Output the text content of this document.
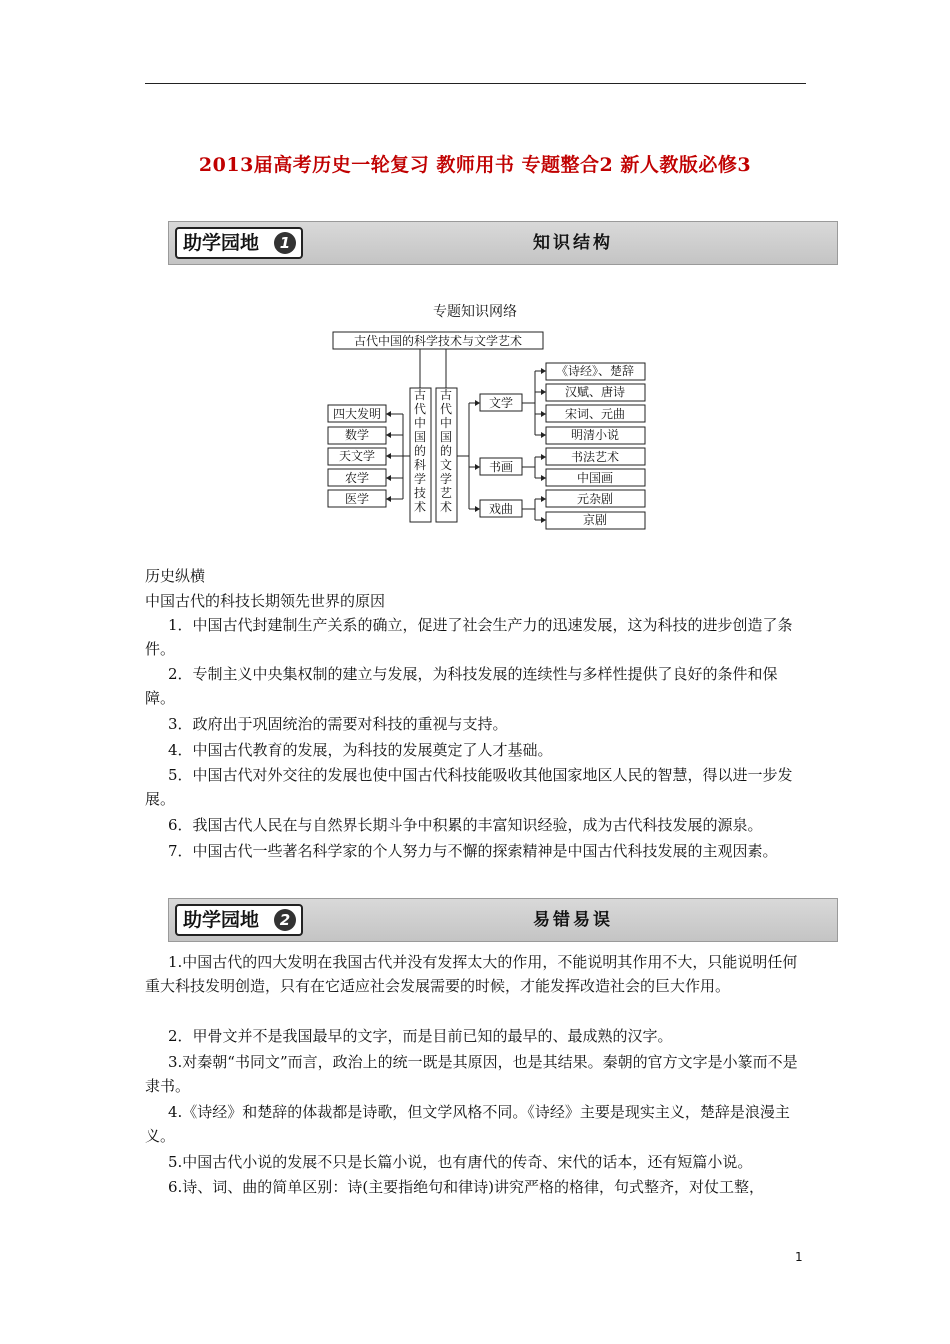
2013届高考历史一轮复习 教师用书 专题整合2 新人教版必修3
助学园地	1	知识结构
专题知识网络
古代中国的科学技术与文学艺术
古
代
中
国
的
科
学
技
术
古
代
中
国
的
文
学
艺
术
四大发明
数学
天文学
农学
医学
文学
《诗经》、楚辞
汉赋、唐诗
宋词、元曲
明清小说
书画
书法艺术
中国画
戏曲
元杂剧
京剧

历史纵横

中国古代的科技长期领先世界的原因

1．中国古代封建制生产关系的确立，促进了社会生产力的迅速发展，这为科技的进步创造了条件。

2．专制主义中央集权制的建立与发展，为科技发展的连续性与多样性提供了良好的条件和保障。

3．政府出于巩固统治的需要对科技的重视与支持。

4．中国古代教育的发展，为科技的发展奠定了人才基础。

5．中国古代对外交往的发展也使中国古代科技能吸收其他国家地区人民的智慧，得以进一步发展。

6．我国古代人民在与自然界长期斗争中积累的丰富知识经验，成为古代科技发展的源泉。

7．中国古代一些著名科学家的个人努力与不懈的探索精神是中国古代科技发展的主观因素。

助学园地	2	易错易误

1.中国古代的四大发明在我国古代并没有发挥太大的作用，不能说明其作用不大，只能说明任何重大科技发明创造，只有在它适应社会发展需要的时候，才能发挥改造社会的巨大作用。

2．甲骨文并不是我国最早的文字，而是目前已知的最早的、最成熟的汉字。

3.对秦朝“书同文”而言，政治上的统一既是其原因，也是其结果。秦朝的官方文字是小篆而不是隶书。

4.《诗经》和楚辞的体裁都是诗歌，但文学风格不同。《诗经》主要是现实主义，楚辞是浪漫主义。

5.中国古代小说的发展不只是长篇小说，也有唐代的传奇、宋代的话本，还有短篇小说。

6.诗、词、曲的简单区别：诗(主要指绝句和律诗)讲究严格的格律，句式整齐，对仗工整，

1
